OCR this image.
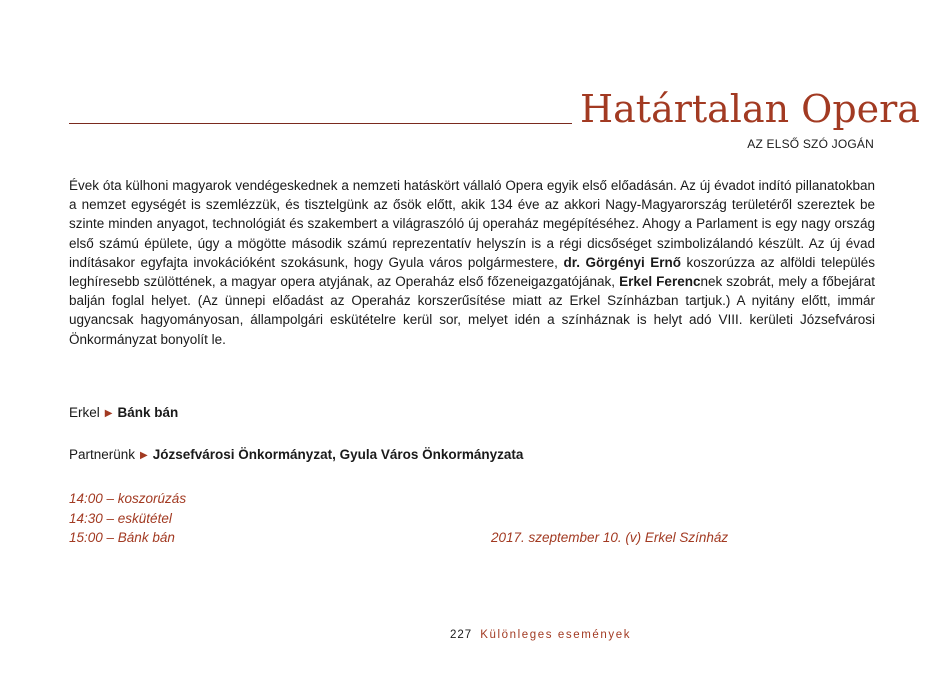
Határtalan Opera
AZ ELSŐ SZÓ JOGÁN
Évek óta külhoni magyarok vendégeskednek a nemzeti hatáskört vállaló Opera egyik első előadásán. Az új évadot indító pillanatokban a nemzet egységét is szemlézzük, és tisztelgünk az ősök előtt, akik 134 éve az akkori Nagy-Magyarország területéről szereztek be szinte minden anyagot, technológiát és szakembert a világraszóló új operaház megépítéséhez. Ahogy a Parlament is egy nagy ország első számú épülete, úgy a mögötte második számú reprezentatív helyszín is a régi dicsőséget szimbolizálandó készült. Az új évad indításakor egyfajta invokációként szokásunk, hogy Gyula város polgármestere, dr. Görgényi Ernő koszorúzza az alföldi település leghíresebb szülöttének, a magyar opera atyjának, az Operaház első főzeneigazgatójának, Erkel Ferencnek szobrát, mely a főbejárat balján foglal helyet. (Az ünnepi előadást az Operaház korszerűsítése miatt az Erkel Színházban tartjuk.) A nyitány előtt, immár ugyancsak hagyományosan, állampolgári eskütételre kerül sor, melyet idén a színháznak is helyt adó VIII. kerületi Józsefvárosi Önkormányzat bonyolít le.
Erkel ▶ Bánk bán
Partnerünk ▶ Józsefvárosi Önkormányzat, Gyula Város Önkormányzata
14:00 – koszorúzás
14:30 – eskütétel
15:00 – Bánk bán	2017. szeptember 10. (v) Erkel Színház
227 Különleges események
